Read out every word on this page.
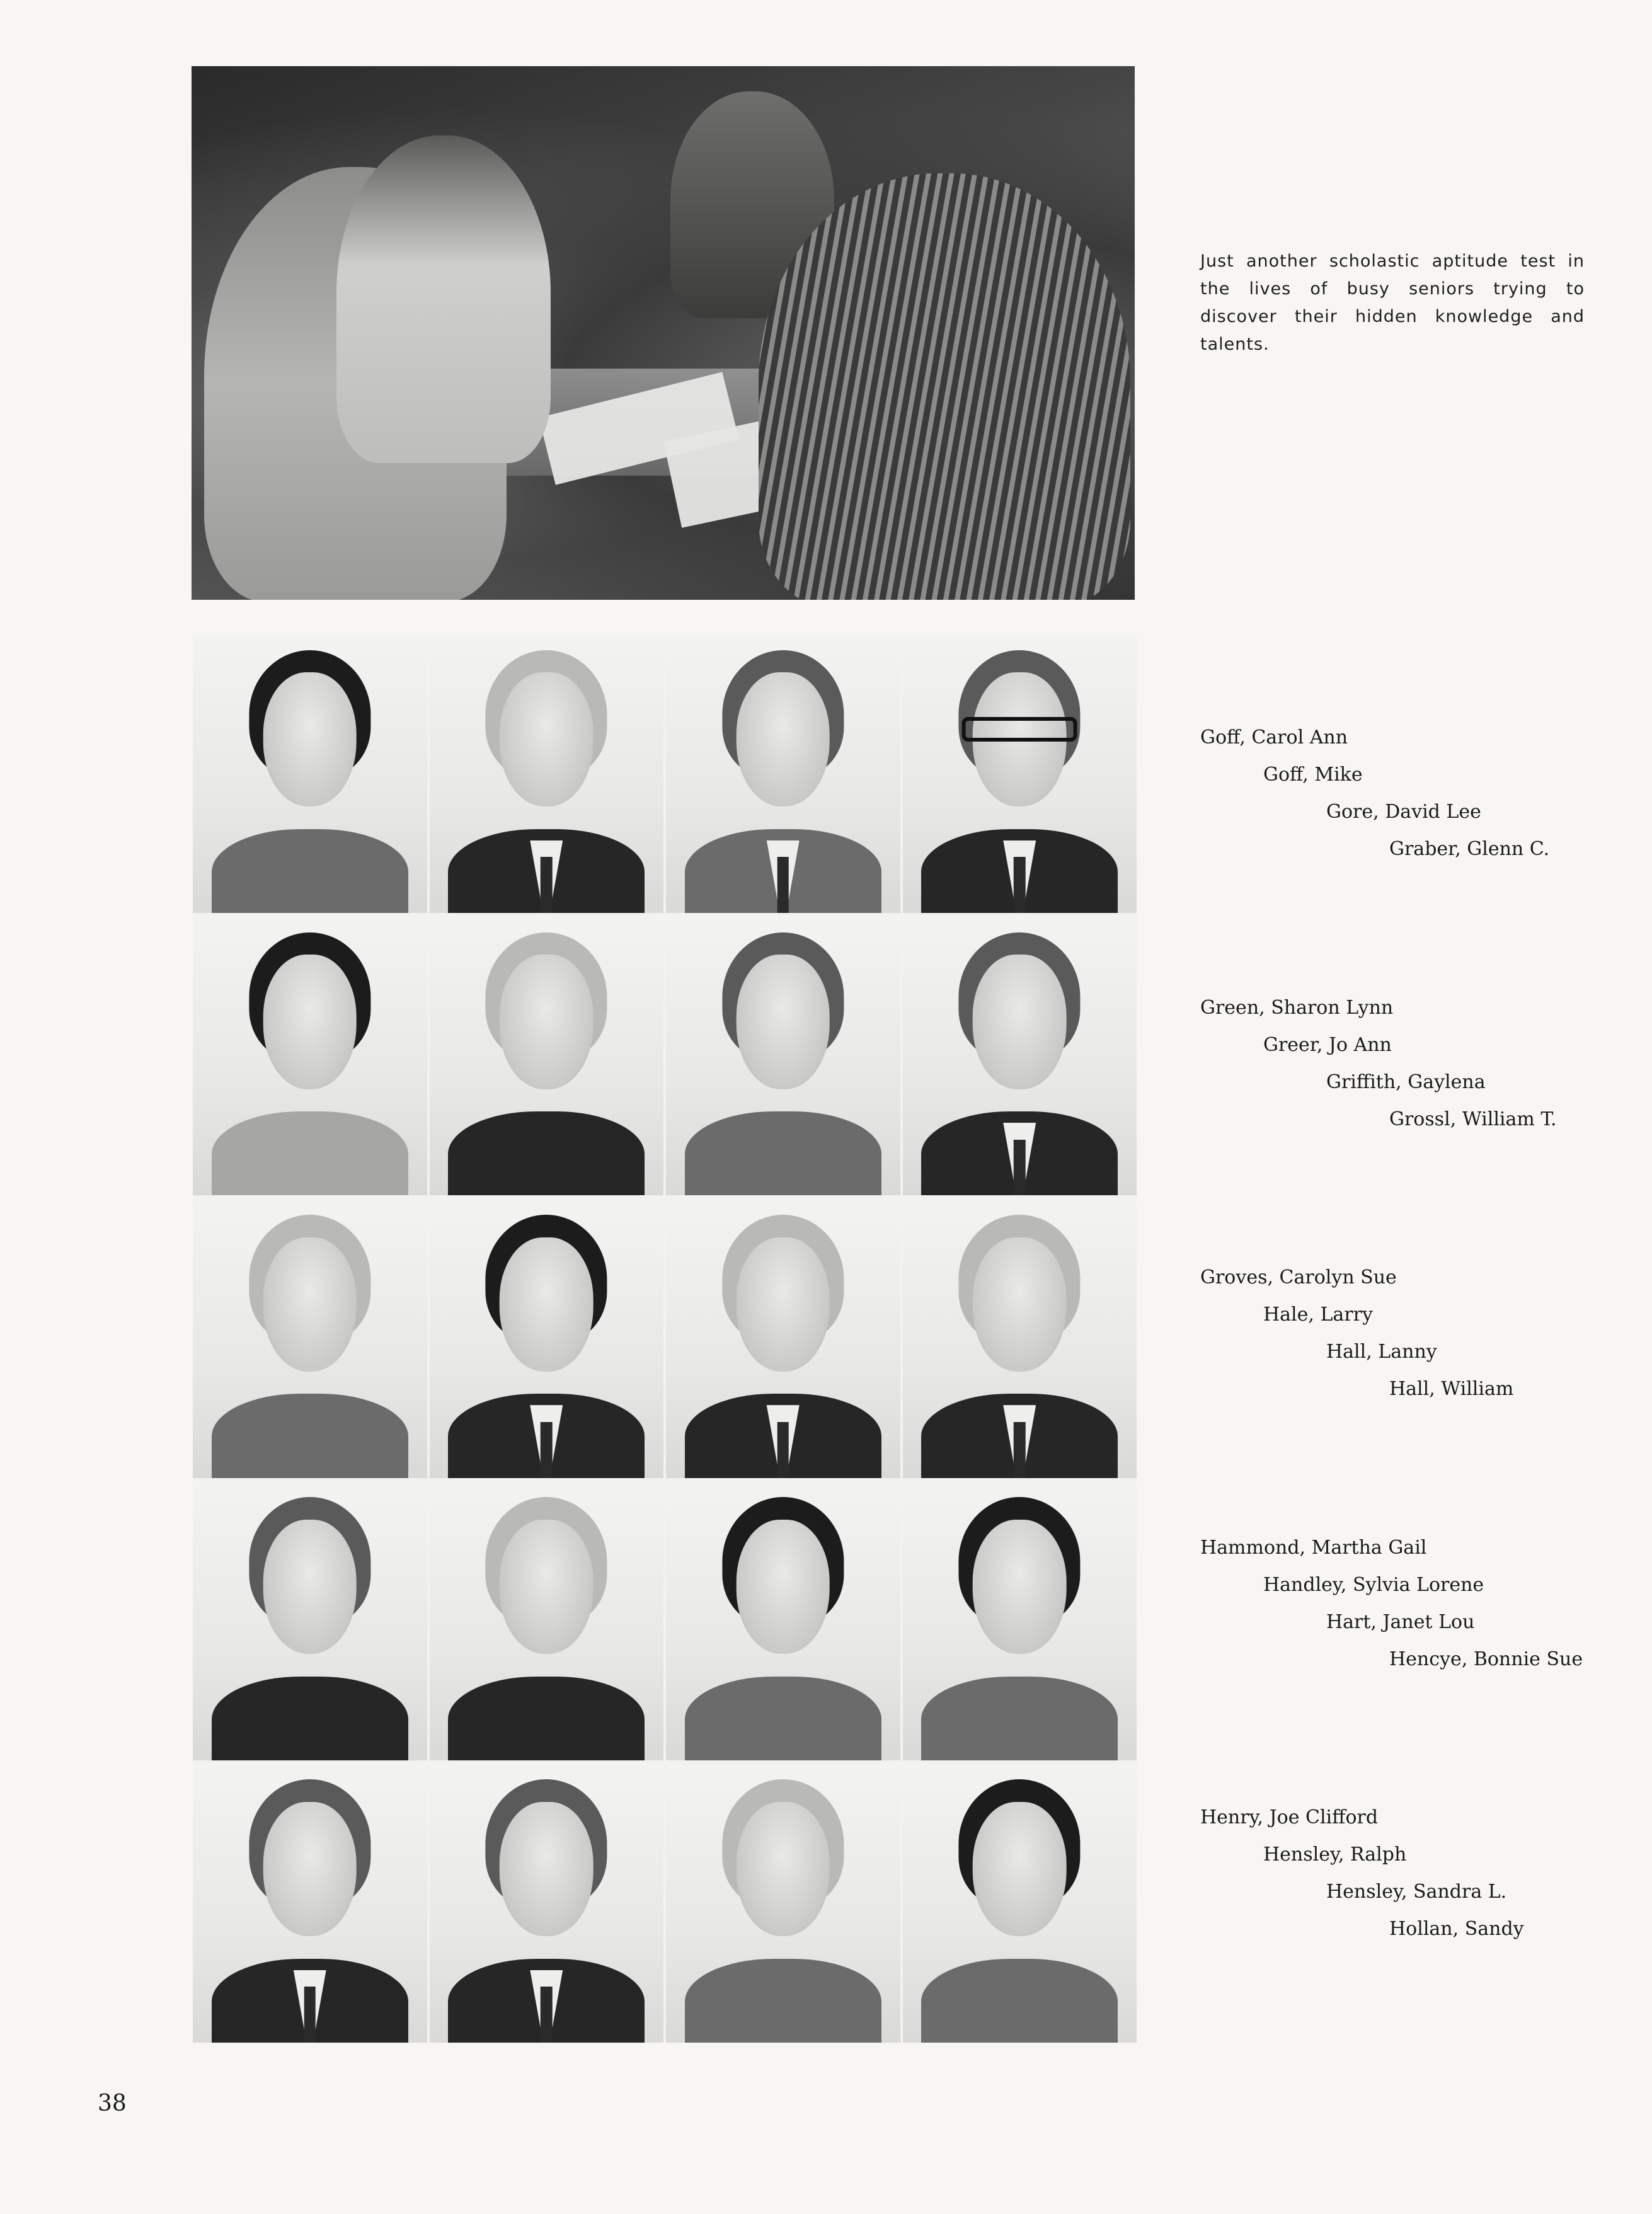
Just another scholastic aptitude test in the lives of busy seniors trying to discover their hidden knowledge and talents.
Goff, Carol Ann
Goff, Mike
Gore, David Lee
Graber, Glenn C.
Green, Sharon Lynn
Greer, Jo Ann
Griffith, Gaylena
Grossl, William T.
Groves, Carolyn Sue
Hale, Larry
Hall, Lanny
Hall, William
Hammond, Martha Gail
Handley, Sylvia Lorene
Hart, Janet Lou
Hencye, Bonnie Sue
Henry, Joe Clifford
Hensley, Ralph
Hensley, Sandra L.
Hollan, Sandy
38
